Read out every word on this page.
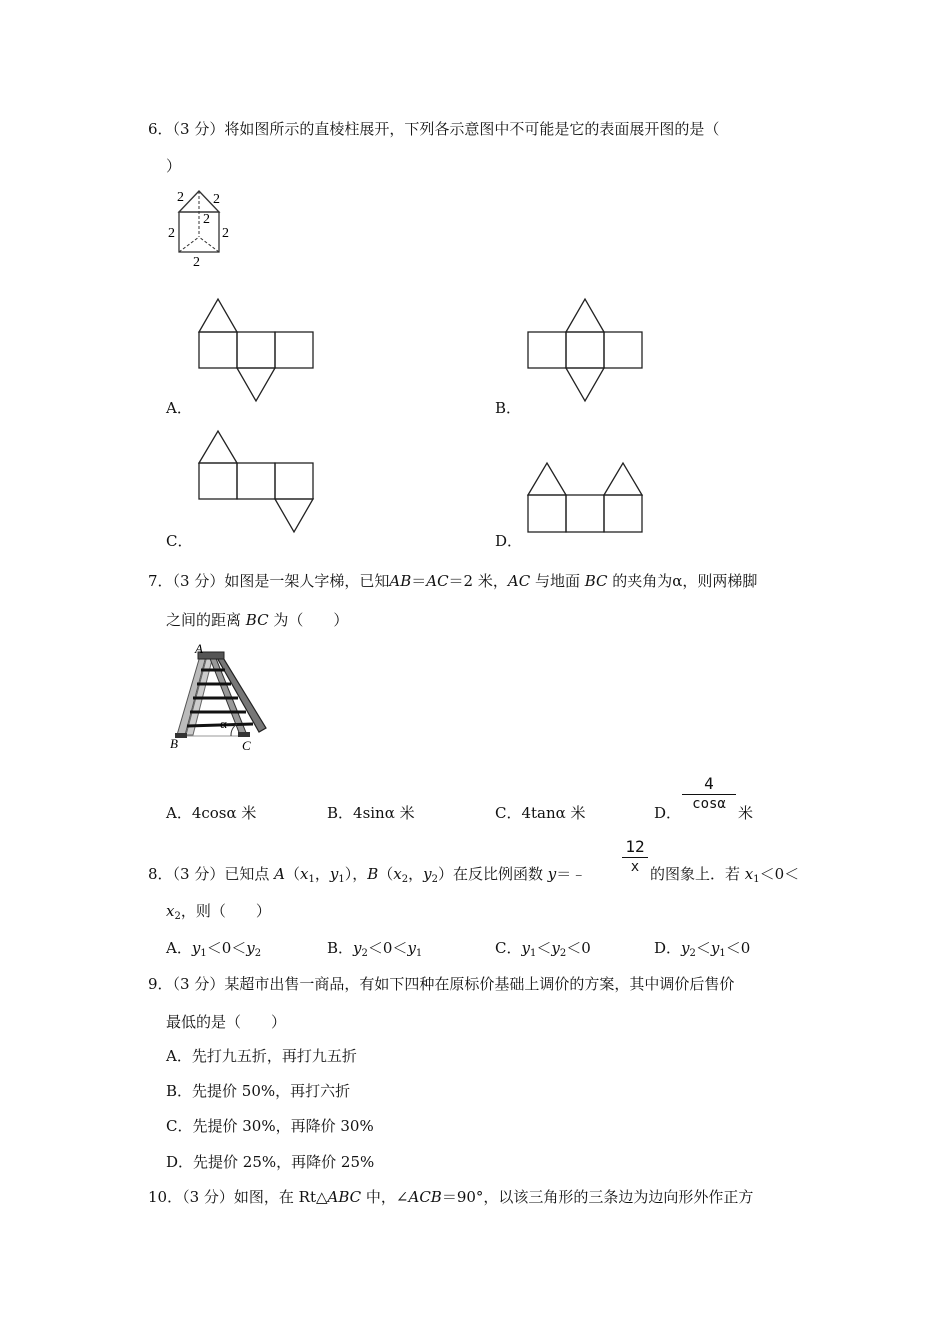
6．（3 分）将如图所示的直棱柱展开，下列各示意图中不可能是它的表面展开图的是（
）
2 2
2
2	2
2
A．	B．
C．	D．
7．（3 分）如图是一架人字梯，已知AB＝AC＝2 米，AC 与地面 BC 的夹角为α，则两梯脚
之间的距离 BC 为（　　）
A
α
B	C
A．4cosα 米	B．4sinα 米	C．4tanα 米	D．
4
cosα 米
8．（3 分）已知点 $A(x_1$，$y_1$），$B(x_2$，$y_2$）在反比例函数 y＝﹣
12
x 的图象上．若 $x_1<0<$
$x_2$，则（　　）
A．$y_1<0<y_2$	B．$y_2<0<y_1$	C．$y_1<y_2<0$	D．$y_2<y_1<0$
9．（3 分）某超市出售一商品，有如下四种在原标价基础上调价的方案，其中调价后售价
最低的是（　　）
A．先打九五折，再打九五折
B．先提价 50%，再打六折
C．先提价 30%，再降价 30%
D．先提价 25%，再降价 25%
10．（3 分）如图，在 Rt△ABC 中，∠ACB＝90°，以该三角形的三条边为边向形外作正方
